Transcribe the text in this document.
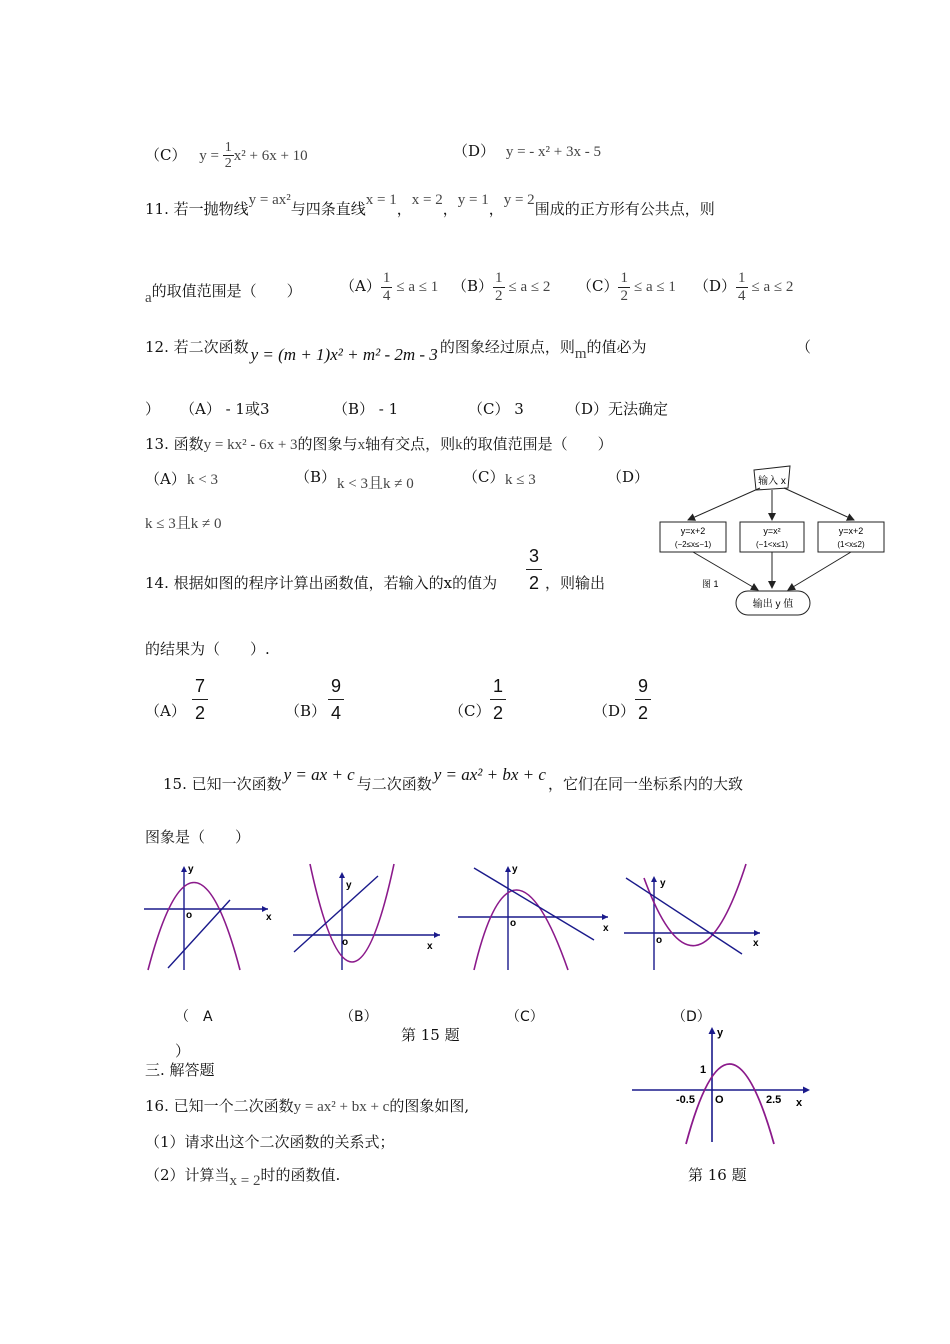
（C） $y = \frac{1}{2} x^2 + 6x + 10$	（D） y = - x² + 3x - 5
11. 若一抛物线y = ax²与四条直线x = 1，x = 2，y = 1，y = 2围成的正方形有公共点，则
a的取值范围是（　　）	$(A) \frac{1}{4} \le a \le 1$ $(B) \frac{1}{2} \le a \le 2$ $(C) \frac{1}{2} \le a \le 1$ $(D) \frac{1}{4} \le a \le 2$
12. 若二次函数 y = (m + 1)x² + m² - 2m - 3 的图象经过原点，则m的值必为	（
） （A） - 1或3	（B） - 1	（C） 3	（D）无法确定
13. 函数y = kx² - 6x + 3的图象与x轴有交点，则k的取值范围是（　　）
（A） k < 3	（B） k < 3且k ≠ 0	（C） k ≤ 3	（D）
k ≤ 3且k ≠ 0
输入 x
y=x+2
(−2≤x≤−1)
y=x²
(−1<x≤1)
y=x+2
(1<x≤2)
图 1
输出 y 值
14. 根据如图的程序计算出函数值，若输入的x的值为
3
2 ，则输出
的结果为（　　）.
（A）
7
2	（B）
9
4	（C）
1
2	（D）
9
2
15. 已知一次函数 y = ax + c 与二次函数 y = ax² + bx + c ，它们在同一坐标系内的大致
图象是（　　）
y
x
o
y
x
o
y
x
o
y
x
o
（　A
）
（B）	（C）	（D）
第 15 题
三. 解答题
16. 已知一个二次函数y = ax² + bx + c的图象如图,
（1）请求出这个二次函数的关系式；
（2）计算当x = 2时的函数值.
y
x
1
-0.5 O	2.5
第 16 题
